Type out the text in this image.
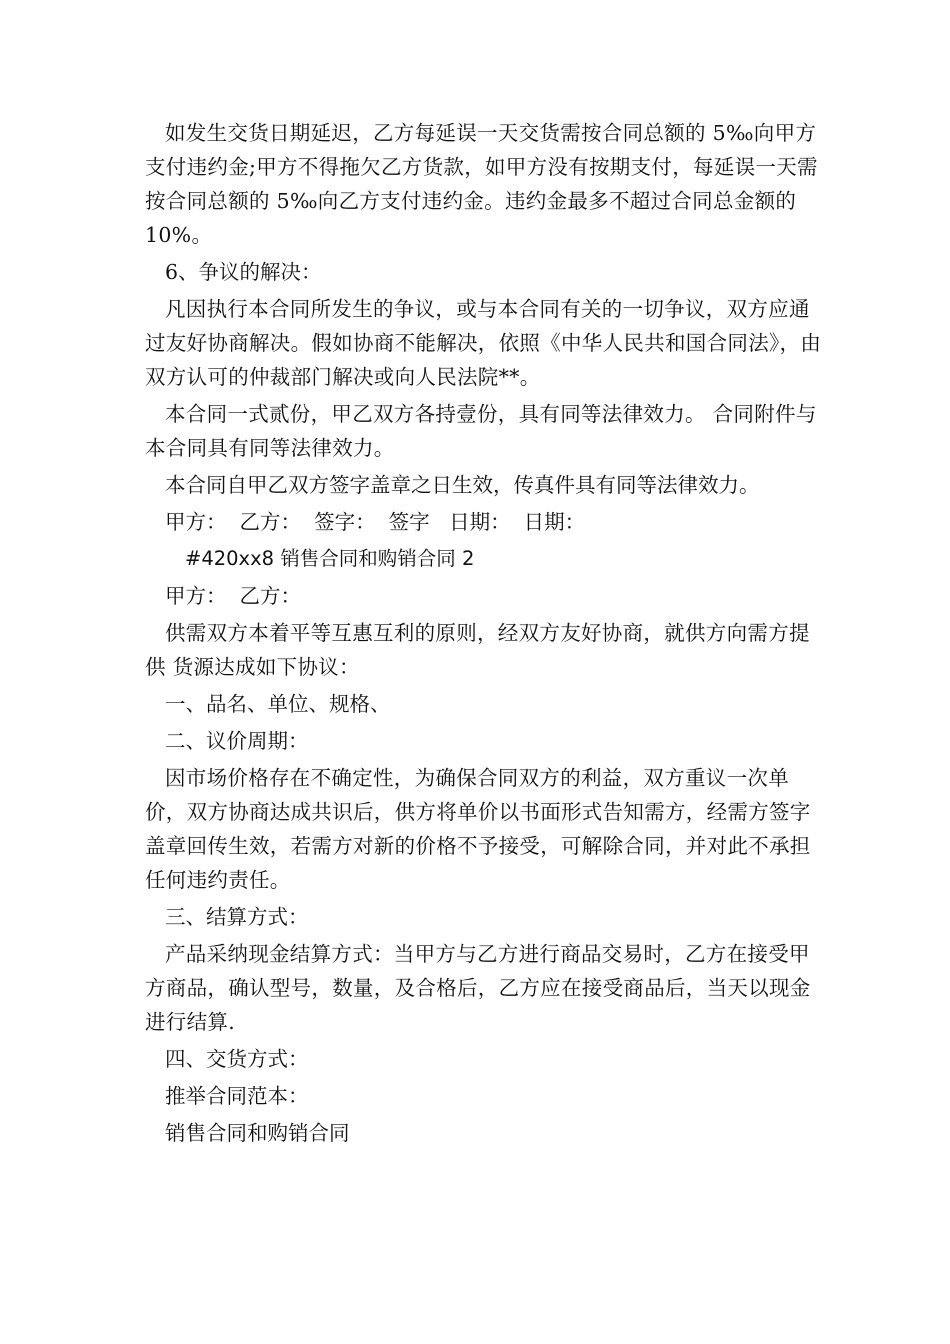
如发生交货日期延迟，乙方每延误一天交货需按合同总额的 5‰向甲方支付违约金;甲方不得拖欠乙方货款，如甲方没有按期支付，每延误一天需按合同总额的 5‰向乙方支付违约金。违约金最多不超过合同总金额的 10%。

6、争议的解决：

凡因执行本合同所发生的争议，或与本合同有关的一切争议，双方应通过友好协商解决。假如协商不能解决，依照《中华人民共和国合同法》，由双方认可的仲裁部门解决或向人民法院**。

本合同一式贰份，甲乙双方各持壹份，具有同等法律效力。 合同附件与本合同具有同等法律效力。

本合同自甲乙双方签字盖章之日生效，传真件具有同等法律效力。

甲方：  乙方：  签字：  签字   日期：  日期：

#420xx8 销售合同和购销合同 2

甲方：  乙方：

供需双方本着平等互惠互利的原则，经双方友好协商，就供方向需方提供 货源达成如下协议：

一、品名、单位、规格、

二、议价周期：

因市场价格存在不确定性，为确保合同双方的利益，双方重议一次单价，双方协商达成共识后，供方将单价以书面形式告知需方，经需方签字盖章回传生效，若需方对新的价格不予接受，可解除合同，并对此不承担任何违约责任。

三、结算方式：

产品采纳现金结算方式：当甲方与乙方进行商品交易时，乙方在接受甲方商品，确认型号，数量，及合格后，乙方应在接受商品后，当天以现金进行结算.

四、交货方式：

推举合同范本：

销售合同和购销合同
